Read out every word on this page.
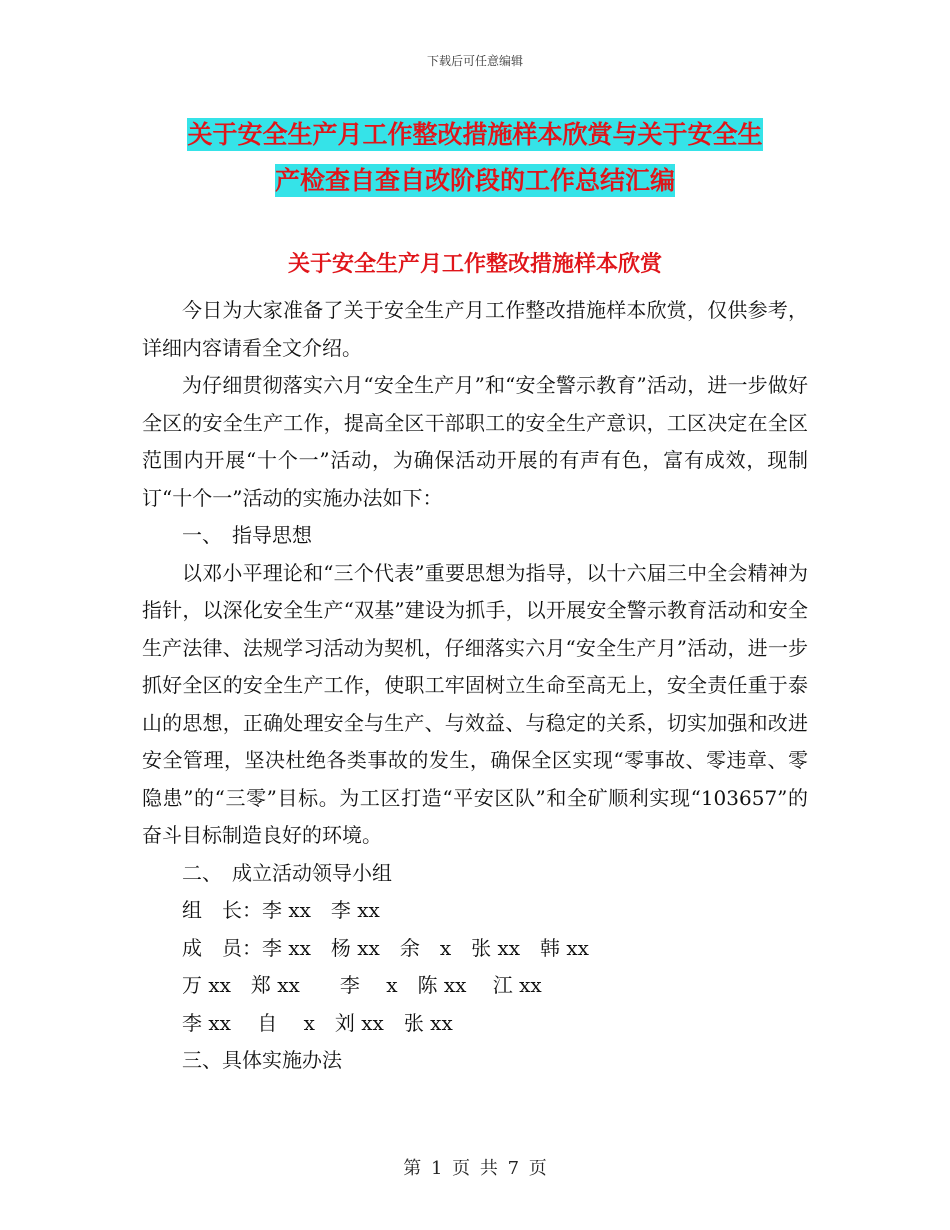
下载后可任意编辑
关于安全生产月工作整改措施样本欣赏与关于安全生
产检查自查自改阶段的工作总结汇编
关于安全生产月工作整改措施样本欣赏

今日为大家准备了关于安全生产月工作整改措施样本欣赏，仅供参考，详细内容请看全文介绍。

为仔细贯彻落实六月“安全生产月”和“安全警示教育”活动，进一步做好全区的安全生产工作，提高全区干部职工的安全生产意识，工区决定在全区范围内开展“十个一”活动，为确保活动开展的有声有色，富有成效，现制订“十个一”活动的实施办法如下：

一、　指导思想

以邓小平理论和“三个代表”重要思想为指导，以十六届三中全会精神为指针，以深化安全生产“双基”建设为抓手，以开展安全警示教育活动和安全生产法律、法规学习活动为契机，仔细落实六月“安全生产月”活动，进一步抓好全区的安全生产工作，使职工牢固树立生命至高无上，安全责任重于泰山的思想，正确处理安全与生产、与效益、与稳定的关系，切实加强和改进安全管理，坚决杜绝各类事故的发生，确保全区实现“零事故、零违章、零隐患”的“三零”目标。为工区打造“平安区队”和全矿顺利实现“103657”的奋斗目标制造良好的环境。

二、　成立活动领导小组

组　长：李 xx　李 xx

成　员：李 xx　杨 xx　余　x　张 xx　韩 xx

万 xx　郑 xx　　李　 x　陈 xx　 江 xx

李 xx　 自　 x　刘 xx　张 xx

三、具体实施办法

第 1 页 共 7 页
